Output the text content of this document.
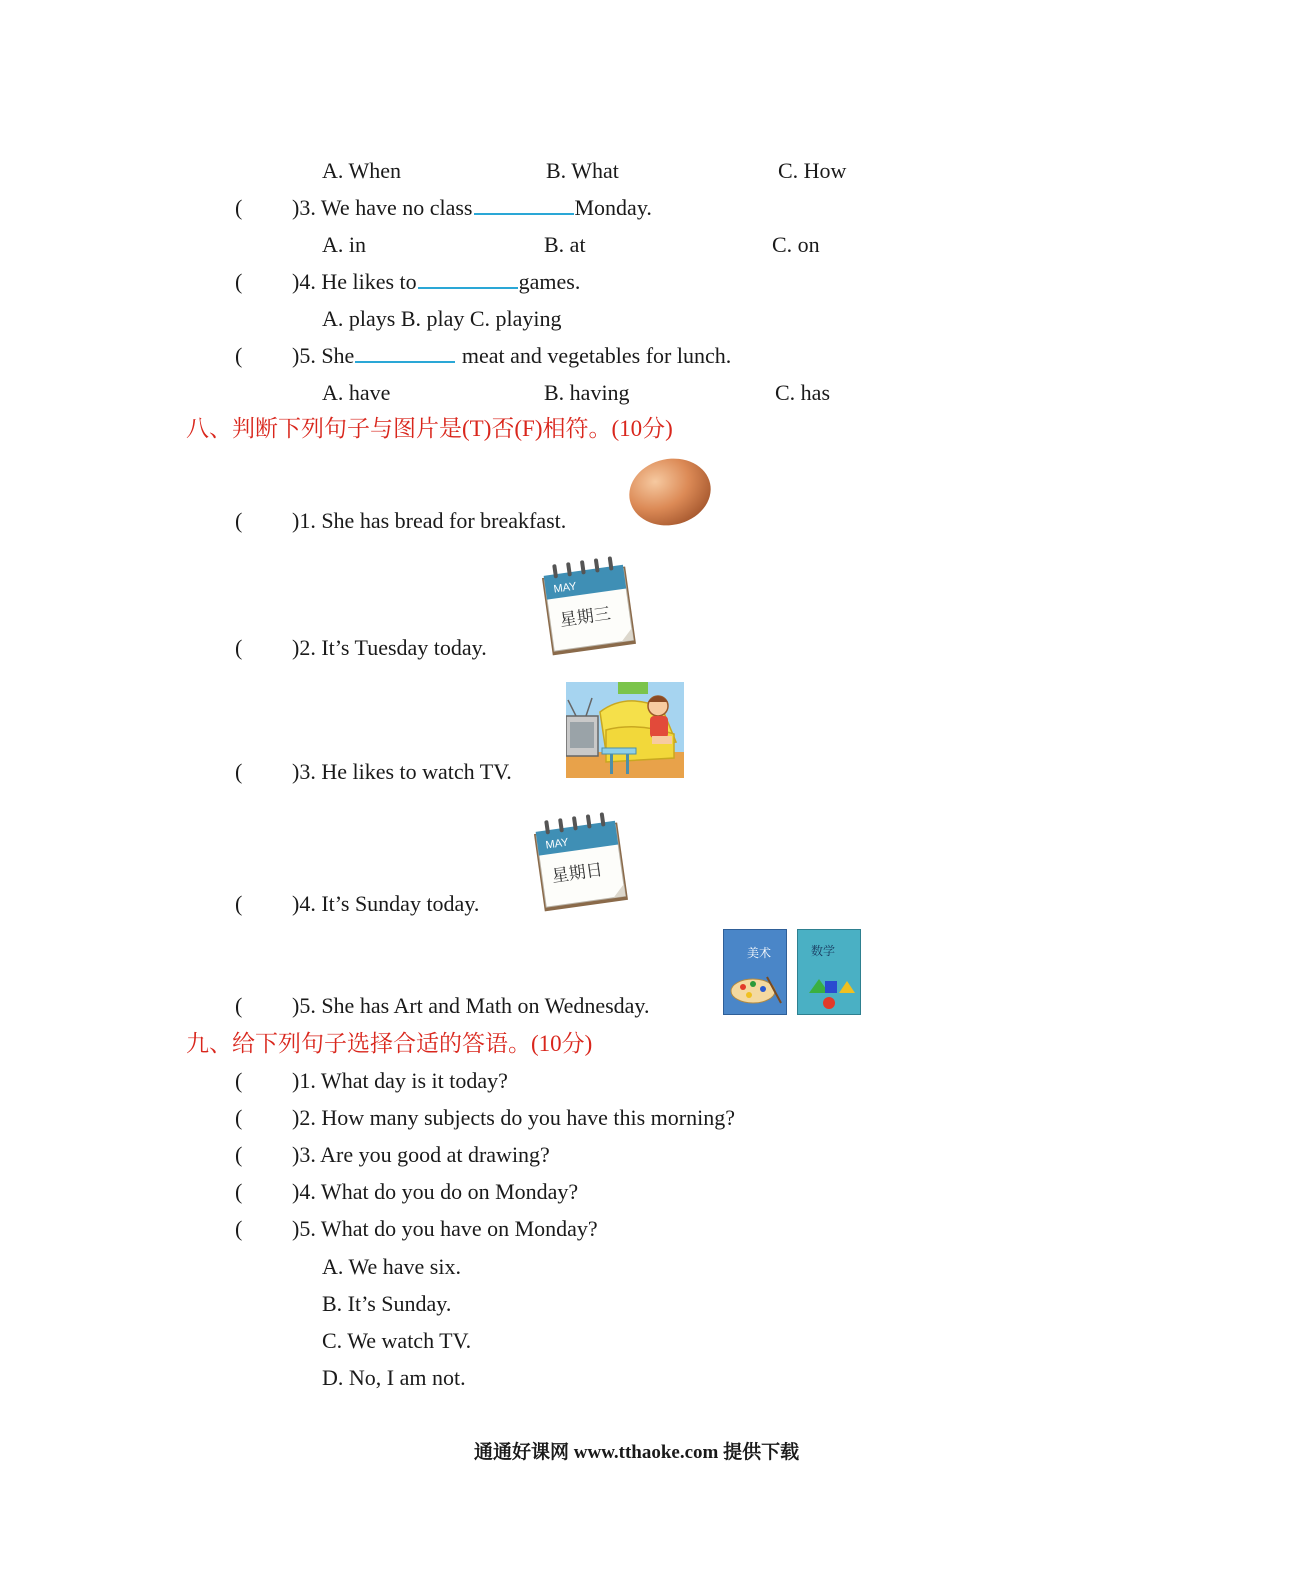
A. When	B. What	C. How
( )3. We have no class	Monday.
A. in	B. at	C. on
( )4. He likes to	games.
A. plays B. play C. playing
( )5. She	meat and vegetables for lunch.
A. have	B. having	C. has
八、判断下列句子与图片是(T)否(F)相符。(10分)
( )1. She has bread for breakfast.
( )2. It’s Tuesday today.
MAY
星期三
( )3. He likes to watch TV.
( )4. It’s Sunday today.
MAY
星期日
( )5. She has Art and Math on Wednesday.
美术	数学
九、给下列句子选择合适的答语。(10分)
( )1. What day is it today?
( )2. How many subjects do you have this morning?
( )3. Are you good at drawing?
( )4. What do you do on Monday?
( )5. What do you have on Monday?
A. We have six.
B. It’s Sunday.
C. We watch TV.
D. No, I am not.
通通好课网 www.tthaoke.com 提供下载
